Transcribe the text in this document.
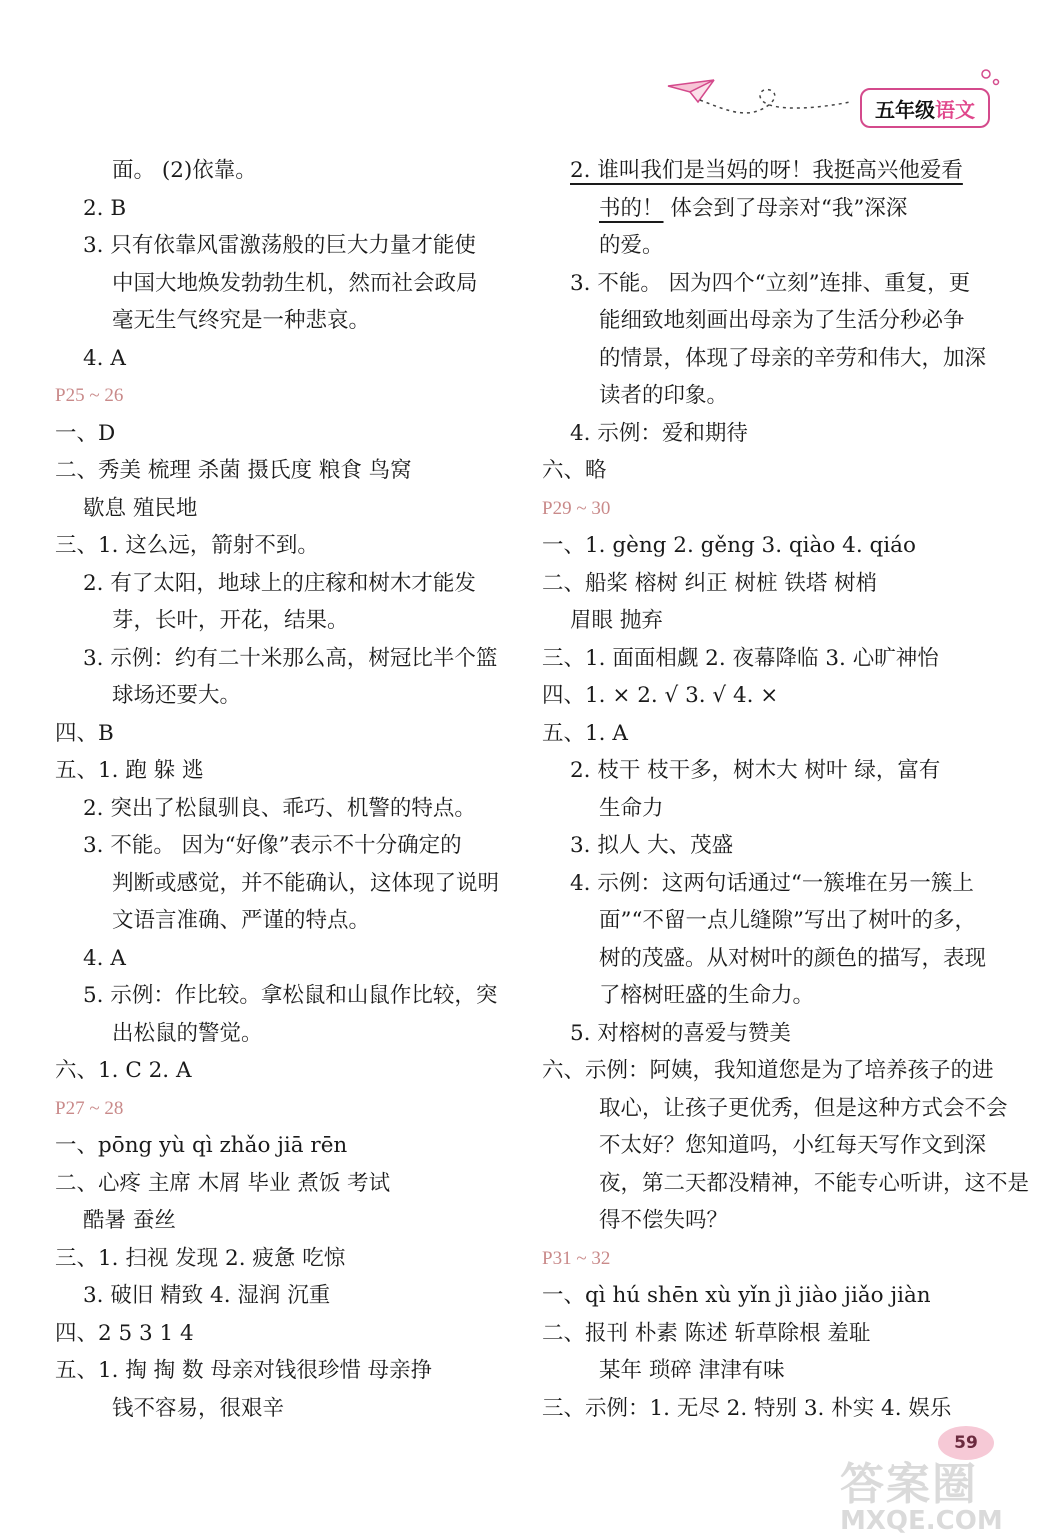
五年级 语文
面。 (2)依靠。
2. B
3. 只有依靠风雷激荡般的巨大力量才能使
中国大地焕发勃勃生机，然而社会政局
毫无生气终究是一种悲哀。
4. A
P25 ~ 26
一、D
二、秀美 梳理 杀菌 摄氏度 粮食 鸟窝
歇息 殖民地
三、1. 这么远，箭射不到。
2. 有了太阳，地球上的庄稼和树木才能发
芽，长叶，开花，结果。
3. 示例：约有二十米那么高，树冠比半个篮
球场还要大。
四、B
五、1. 跑 躲 逃
2. 突出了松鼠驯良、乖巧、机警的特点。
3. 不能。 因为“好像”表示不十分确定的
判断或感觉，并不能确认，这体现了说明
文语言准确、严谨的特点。
4. A
5. 示例：作比较。拿松鼠和山鼠作比较，突
出松鼠的警觉。
六、1. C 2. A
P27 ~ 28
一、pōng yù qì zhǎo jiā rēn
二、心疼 主席 木屑 毕业 煮饭 考试
酷暑 蚕丝
三、1. 扫视 发现 2. 疲惫 吃惊
3. 破旧 精致 4. 湿润 沉重
四、2 5 3 1 4
五、1. 掏 掏 数 母亲对钱很珍惜 母亲挣
钱不容易，很艰辛
2. 谁叫我们是当妈的呀！我挺高兴他爱看
书的！ 体会到了母亲对“我”深深
的爱。
3. 不能。 因为四个“立刻”连排、重复，更
能细致地刻画出母亲为了生活分秒必争
的情景，体现了母亲的辛劳和伟大，加深
读者的印象。
4. 示例：爱和期待
六、略
P29 ~ 30
一、1. gèng 2. gěng 3. qiào 4. qiáo
二、船桨 榕树 纠正 树桩 铁塔 树梢
眉眼 抛弃
三、1. 面面相觑 2. 夜幕降临 3. 心旷神怡
四、1. × 2. √ 3. √ 4. ×
五、1. A
2. 枝干 枝干多，树木大 树叶 绿，富有
生命力
3. 拟人 大、茂盛
4. 示例：这两句话通过“一簇堆在另一簇上
面”“不留一点儿缝隙”写出了树叶的多，
树的茂盛。从对树叶的颜色的描写，表现
了榕树旺盛的生命力。
5. 对榕树的喜爱与赞美
六、示例：阿姨，我知道您是为了培养孩子的进
取心，让孩子更优秀，但是这种方式会不会
不太好？您知道吗，小红每天写作文到深
夜，第二天都没精神，不能专心听讲，这不是
得不偿失吗？
P31 ~ 32
一、qì hú shēn xù yǐn jì jiào jiǎo jiàn
二、报刊 朴素 陈述 斩草除根 羞耻
某年 琐碎 津津有味
三、示例：1. 无尽 2. 特别 3. 朴实 4. 娱乐
59
答案圈
MXQE.COM
